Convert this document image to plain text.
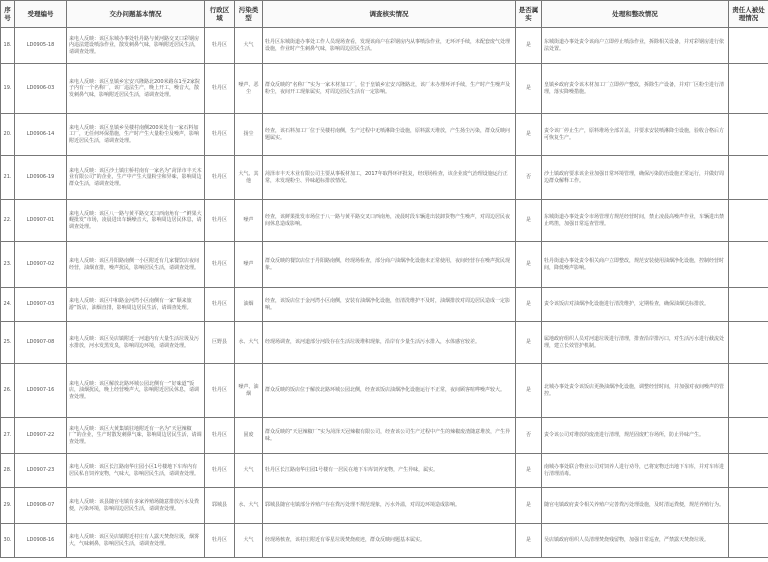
序号	受理编号	交办问题基本情况	行政区域	污染类型	调查核实情况	是否属实	处理和整改情况	责任人被处理情况
18.	LD0905-18	来电人反映：该区东城办事处牡丹路与黄河路交叉口彩钢房内违法建设喷涂作业，散发刺鼻气味，影响附近居民生活，请调查处理。	牡丹区	大气	牡丹区东城街道办事处工作人员现场查看，发现该商户在彩钢房内从事喷涂作业，无环评手续，未配套废气处理设施，作业时产生刺鼻气味，影响周边居民生活。	是	东城街道办事处责令该商户立即停止喷涂作业，拆除相关设备，并对彩钢房进行依法处置。	
19.	LD0906-03	来电人反映：该区皇镇乡宏安兴隆路北200米路东1至2家院子内有一个名称厂，该厂违法生产，晚上开工，噪音大，散发刺鼻气味，影响附近居民生活，请调查处理。	牡丹区	噪声、恶尘	群众反映的“名称厂”实为一家木材加工厂，位于皇镇乡宏安兴隆路北，该厂未办理环评手续，生产时产生噪声及粉尘，夜间开工现象属实，对周边居民生活有一定影响。	是	皇镇乡政府责令该木材加工厂立即停产整改，拆除生产设备，并对厂区粉尘进行清理，落实降噪措施。	
20.	LD0906-14	来电人反映：该区皇镇乡吴楼村南侧200米处有一家石料加工厂，无任何环保措施，生产时产生大量粉尘及噪声，影响附近居民生活，请调查处理。	牡丹区	扬尘	经查，该石料加工厂位于吴楼村南侧，生产过程中无喷淋降尘设施，原料露天堆放，产生扬尘污染，群众反映问题属实。	是	责令该厂停止生产，原料堆场全部苫盖，并要求安装喷淋降尘设施，验收合格后方可恢复生产。	
21.	LD0906-19	来电人反映：该区沙土镇庄桥村南有一家名为“菏泽市丰天木业有限公司”的企业，生产中产生大量粉尘和异味，影响周边群众生活，请调查处理。	牡丹区	大气、其他	菏泽市丰天木业有限公司主要从事板材加工，2017年取得环评批复，经现场检查，该企业废气治理设施运行正常，未发现粉尘、异味超标排放情况。	否	沙土镇政府要求该企业加强日常环境管理，确保污染防治设施正常运行，并做好周边群众解释工作。	
22.	LD0907-01	来电人反映：该区八一路与黄平路交叉口西南角有一“鲜果大蚬批发”市场，凌晨进出车辆噪音大，影响周边居民休息，请调查处理。	牡丹区	噪声	经查，该鲜果批发市场位于八一路与黄平路交叉口西南角，凌晨时段车辆进出装卸货物产生噪声，对周边居民夜间休息造成影响。	是	东城街道办事处责令市场管理方规范经营时间，禁止凌晨高噪声作业，车辆进出禁止鸣笛，加强日常巡查管理。	
23.	LD0907-02	来电人反映：该区丹阳路南侧一小区附近有几家餐饮店夜间经营，油烟直排，噪声扰民，影响居民生活，请调查处理。	牡丹区	噪声	群众反映的餐饮店位于丹阳路南侧，经现场检查，部分商户油烟净化设施未正常使用，夜间经营存在噪声扰民现象。	是	牡丹街道办事处责令相关商户立即整改，规范安装使用油烟净化设施，控制经营时间，降低噪声影响。	
24.	LD0907-03	来电人反映：该区中和路金河湾小区南侧有一家“顺来旅游”饭店，油烟直排，影响周边居民生活，请调查处理。	牡丹区	油烟	经查，该饭店位于金河湾小区南侧，安装有油烟净化设施，但清洗维护不及时，油烟排放对周边居民造成一定影响。	是	责令该饭店对油烟净化设施进行清洗维护，定期检查，确保油烟达标排放。	
25.	LD0907-08	来电人反映：该区吴店镇附近一河道内有大量生活垃圾及污水排放，河水发黑发臭，影响周边环境，请调查处理。	巨野县	水、大气	经现场调查，该河道部分河段存在生活垃圾堆积现象，沿岸有少量生活污水排入，水体感官较差。	是	属地政府组织人员对河道垃圾进行清理，排查沿岸排污口，对生活污水进行截流处理，建立长效管护机制。	
26.	LD0907-16	来电人反映：该区解放北路环城公园北侧有一“好味道”饭店，油烟扰民，晚上经营噪声大，影响附近居民休息，请调查处理。	牡丹区	噪声、油烟	群众反映的饭店位于解放北路环城公园北侧，经查该饭店油烟净化设施运行不正常，夜间顾客喧哗噪声较大。	是	北城办事处责令该饭店更换油烟净化设施，调整经营时间，并加强对夜间噪声的管控。	
27.	LD0907-22	来电人反映：该区大黄集镇驻地附近有一名为“天冠辣椒厂”的企业，生产时散发刺鼻气味，影响周边居民生活，请调查处理。	牡丹区	固废	群众反映的“天冠辣椒厂”实为菏泽天冠辣椒有限公司，经查该公司生产过程中产生的辣椒废渣随意堆放，产生异味。	否	责令该公司对堆放的废渣进行清理，规范固废贮存场所，防止异味产生。	
28.	LD0907-23	来电人反映：该区长江路南华庄园小区1号楼地下车库内有居民私自饲养宠物，气味大，影响居民生活，请调查处理。	牡丹区	大气	牡丹区长江路南华庄园1号楼有一居民在地下车库饲养宠物，产生异味，属实。	是	南城办事处联合物业公司对饲养人进行劝导，已将宠物迁出地下车库，并对车库进行清理消毒。	
29.	LD0908-07	来电人反映：该县随官屯镇有多家养殖场随意排放污水及粪便，污染环境，影响周边居民生活，请调查处理。	郓城县	水、大气	郓城县随官屯镇部分养殖户存在粪污处理不规范现象，污水外溢，对周边环境造成影响。	是	随官屯镇政府责令相关养殖户完善粪污处理设施，及时清运粪便，规范养殖行为。	
30.	LD0908-16	来电人反映：该区吴店镇附近村庄有人露天焚烧垃圾，烟雾大，气味刺鼻，影响居民生活，请调查处理。	牡丹区	大气	经现场核查，该村庄附近有零星垃圾焚烧痕迹，群众反映问题基本属实。	是	吴店镇政府组织人员清理焚烧残留物，加强日常巡查，严禁露天焚烧垃圾。	
